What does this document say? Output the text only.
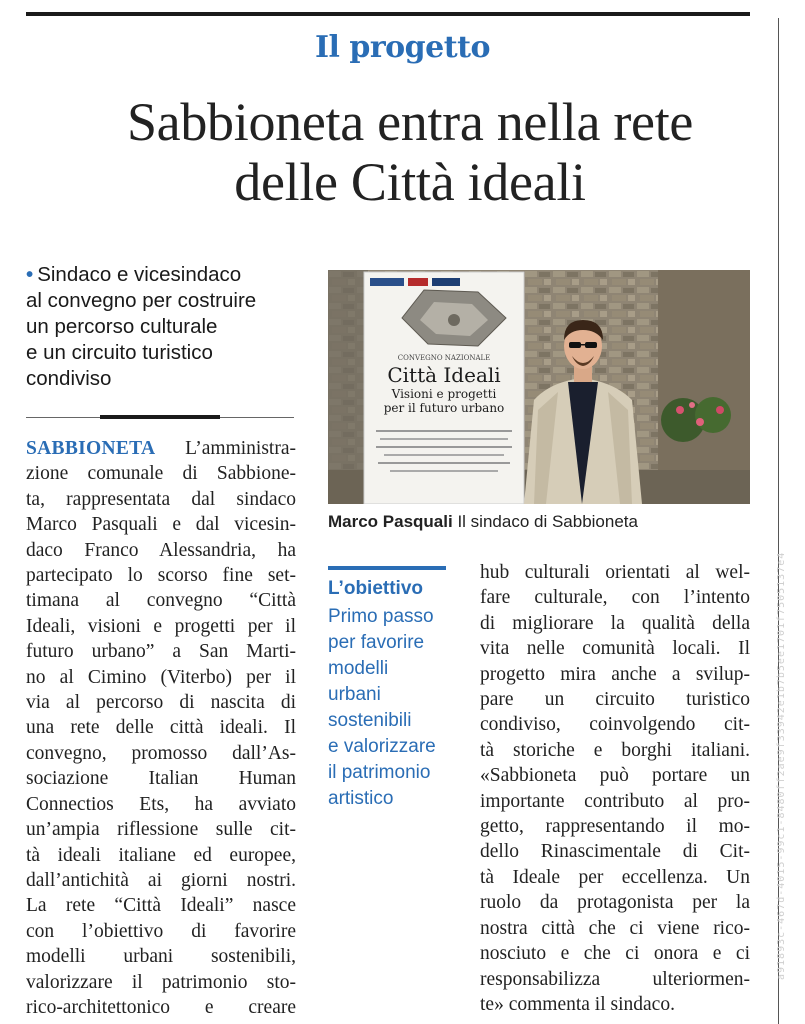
a91893c-467d-4015-99c1-8480ff2ae9f33942e1b7b5ee1701f7505137e4
Il progetto
Sabbioneta entra nella rete
delle Città ideali
• Sindaco e vicesindaco
al convegno per costruire
un percorso culturale
e un circuito turistico
condiviso
SABBIONETA L’amministra-
zione comunale di Sabbione-
ta, rappresentata dal sindaco
Marco Pasquali e dal vicesin-
daco Franco Alessandria, ha
partecipato lo scorso fine set-
timana al convegno “Città
Ideali, visioni e progetti per il
futuro urbano” a San Marti-
no al Cimino (Viterbo) per il
via al percorso di nascita di
una rete delle città ideali. Il
convegno, promosso dall’As-
sociazione Italian Human
Connectios Ets, ha avviato
un’ampia riflessione sulle cit-
tà ideali italiane ed europee,
dall’antichità ai giorni nostri.
La rete “Città Ideali” nasce
con l’obiettivo di favorire
modelli urbani sostenibili,
valorizzare il patrimonio sto-
rico-architettonico e creare
CONVEGNO NAZIONALE
Città Ideali
Visioni e progetti
per il futuro urbano
Marco Pasquali Il sindaco di Sabbioneta
L’obiettivo
Primo passo
per favorire
modelli
urbani
sostenibili
e valorizzare
il patrimonio
artistico
hub culturali orientati al wel-
fare culturale, con l’intento
di migliorare la qualità della
vita nelle comunità locali. Il
progetto mira anche a svilup-
pare un circuito turistico
condiviso, coinvolgendo cit-
tà storiche e borghi italiani.
«Sabbioneta può portare un
importante contributo al pro-
getto, rappresentando il mo-
dello Rinascimentale di Cit-
tà Ideale per eccellenza. Un
ruolo da protagonista per la
nostra città che ci viene rico-
nosciuto e che ci onora e ci
responsabilizza ulteriormen-
te» commenta il sindaco.
